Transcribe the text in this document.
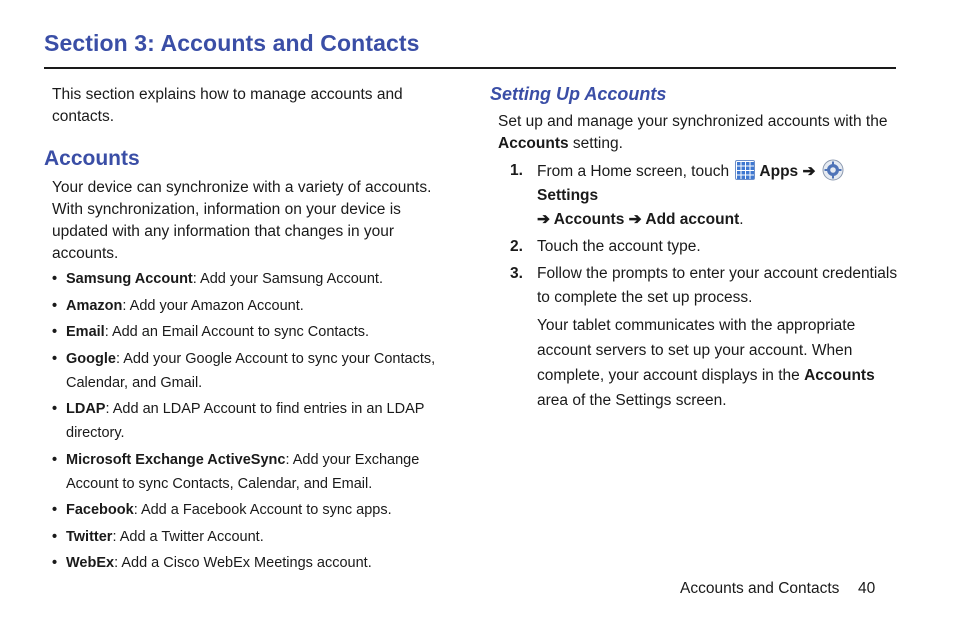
Section 3: Accounts and Contacts

This section explains how to manage accounts and contacts.

Accounts

Your device can synchronize with a variety of accounts. With synchronization, information on your device is updated with any information that changes in your accounts.

• Samsung Account: Add your Samsung Account.
• Amazon: Add your Amazon Account.
• Email: Add an Email Account to sync Contacts.
• Google: Add your Google Account to sync your Contacts, Calendar, and Gmail.
• LDAP: Add an LDAP Account to find entries in an LDAP directory.
• Microsoft Exchange ActiveSync: Add your Exchange Account to sync Contacts, Calendar, and Email.
• Facebook: Add a Facebook Account to sync apps.
• Twitter: Add a Twitter Account.
• WebEx: Add a Cisco WebEx Meetings account.
Setting Up Accounts

Set up and manage your synchronized accounts with the Accounts setting.

1. From a Home screen, touch Apps ➔ Settings
➔ Accounts ➔ Add account.
2. Touch the account type.
3. Follow the prompts to enter your account credentials to complete the set up process.

Your tablet communicates with the appropriate account servers to set up your account. When complete, your account displays in the Accounts area of the Settings screen.

Accounts and Contacts 40
